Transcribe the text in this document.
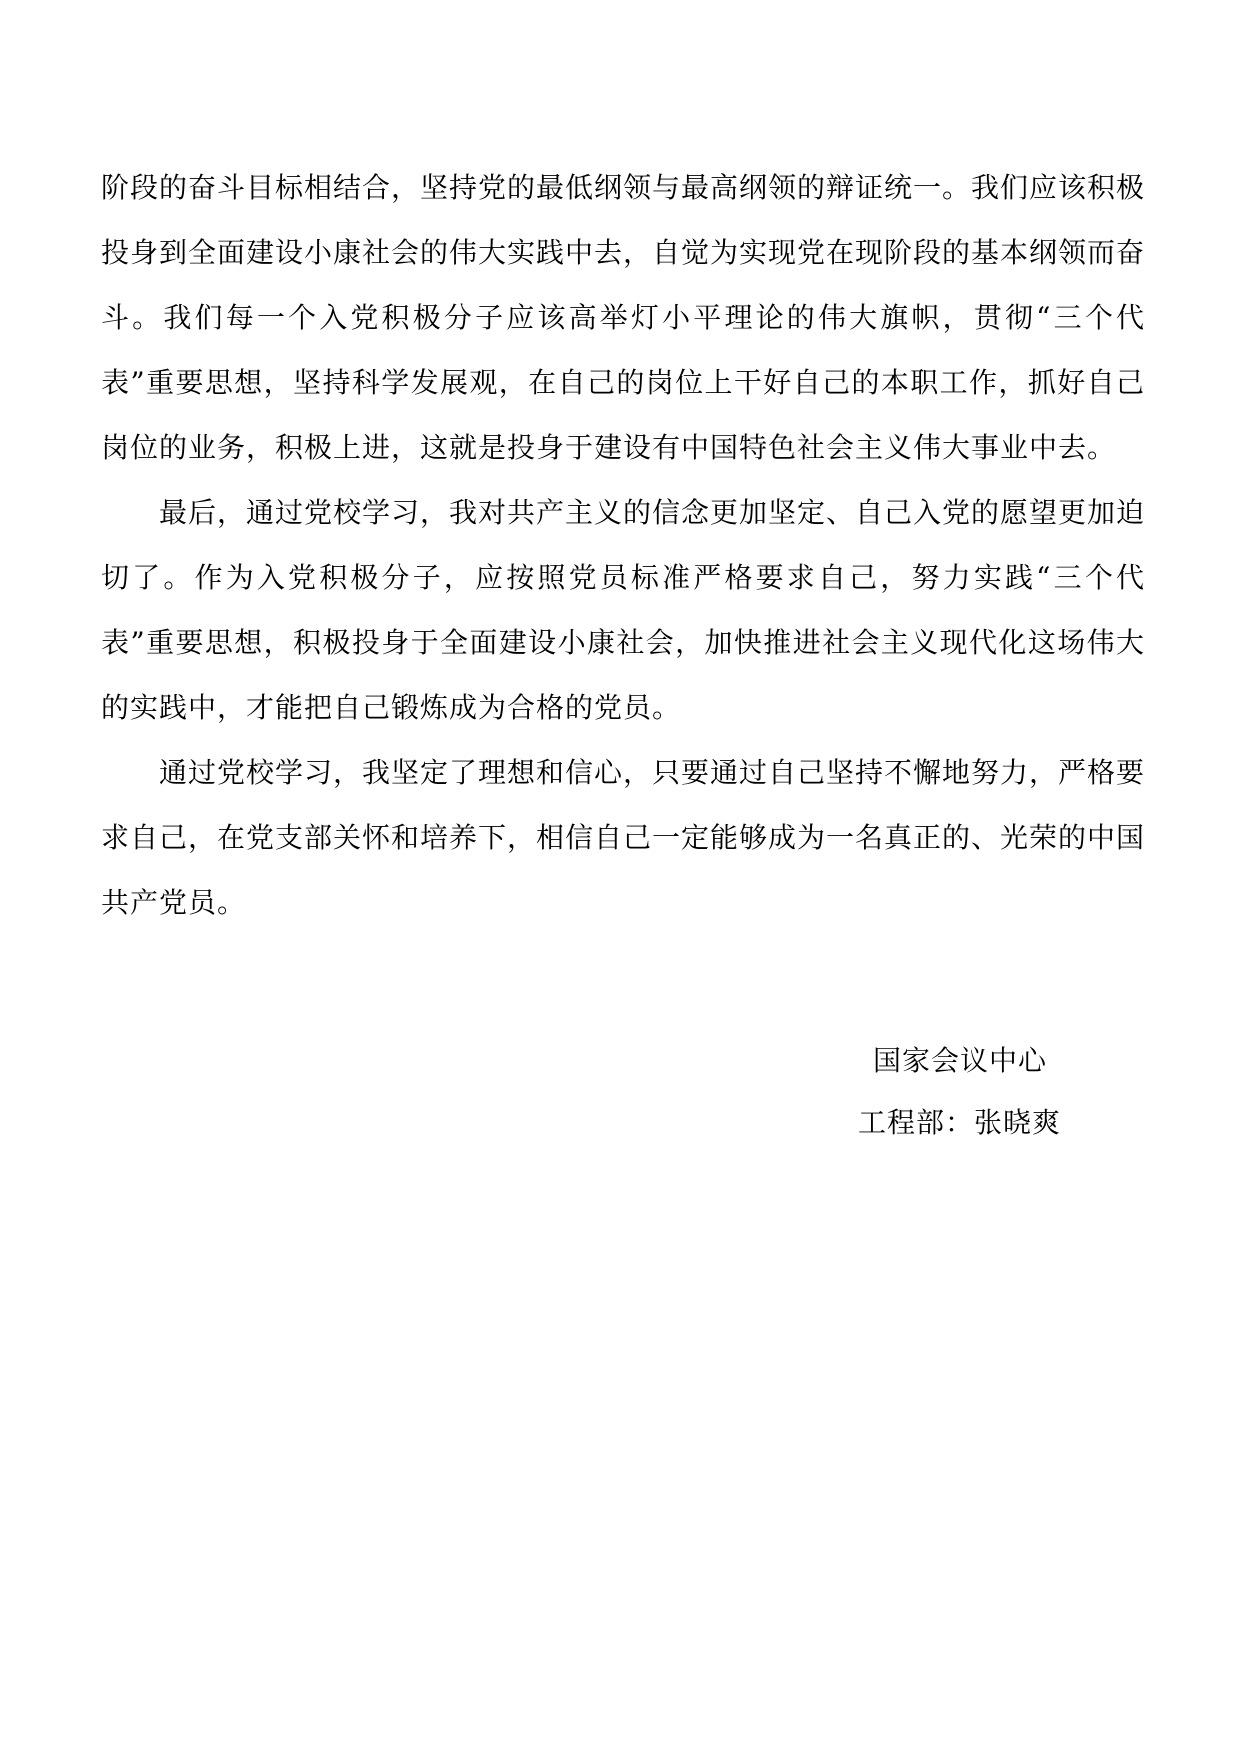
阶段的奋斗目标相结合，坚持党的最低纲领与最高纲领的辩证统一。我们应该积极投身到全面建设小康社会的伟大实践中去，自觉为实现党在现阶段的基本纲领而奋斗。我们每一个入党积极分子应该高举灯小平理论的伟大旗帜，贯彻“三个代表”重要思想，坚持科学发展观，在自己的岗位上干好自己的本职工作，抓好自己岗位的业务，积极上进，这就是投身于建设有中国特色社会主义伟大事业中去。

最后，通过党校学习，我对共产主义的信念更加坚定、自己入党的愿望更加迫切了。作为入党积极分子，应按照党员标准严格要求自己，努力实践“三个代表”重要思想，积极投身于全面建设小康社会，加快推进社会主义现代化这场伟大的实践中，才能把自己锻炼成为合格的党员。

通过党校学习，我坚定了理想和信心，只要通过自己坚持不懈地努力，严格要求自己，在党支部关怀和培养下，相信自己一定能够成为一名真正的、光荣的中国共产党员。

国家会议中心
工程部：张晓爽
